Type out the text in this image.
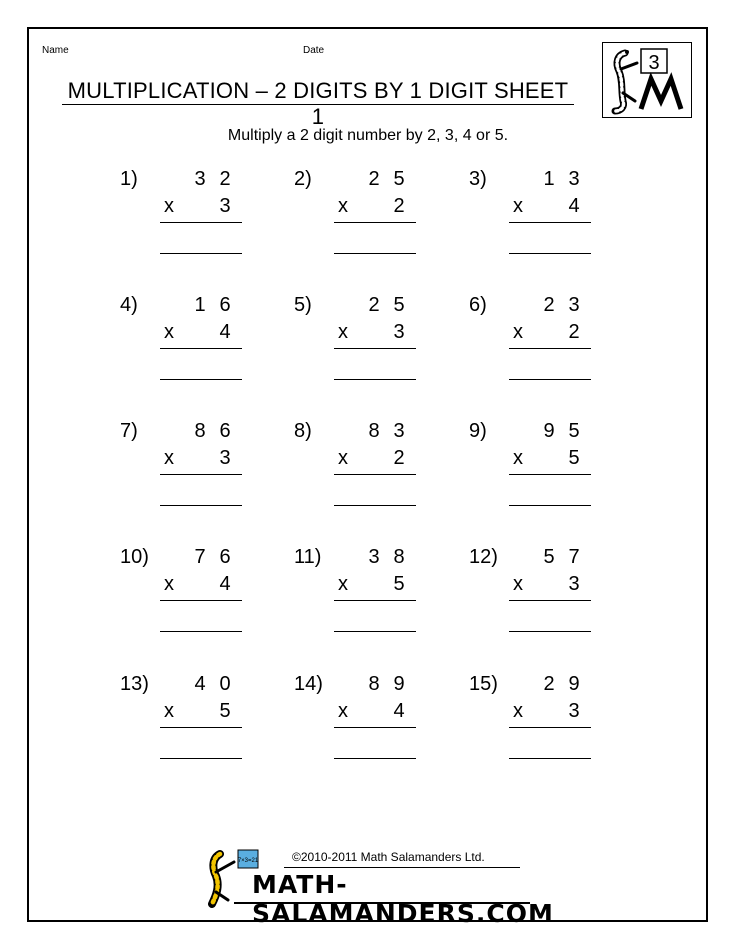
Name	Date
MULTIPLICATION – 2 DIGITS BY 1 DIGIT SHEET 1
Multiply a 2 digit number by 2, 3, 4 or 5.
3
1)	3 2
x 3
2)	2 5
x 2
3)	1 3
x 4
4)	1 6
x 4
5)	2 5
x 3
6)	2 3
x 2
7)	8 6
x 3
8)	8 3
x 2
9)	9 5
x 5
10) 7 6
x 4
11) 3 8
x 5
12) 5 7
x 3
13) 4 0
x 5
14) 8 9
x 4
15) 2 9
x 3
7×3=21	©2010-2011 Math Salamanders Ltd.
MATH-SALAMANDERS.COM
